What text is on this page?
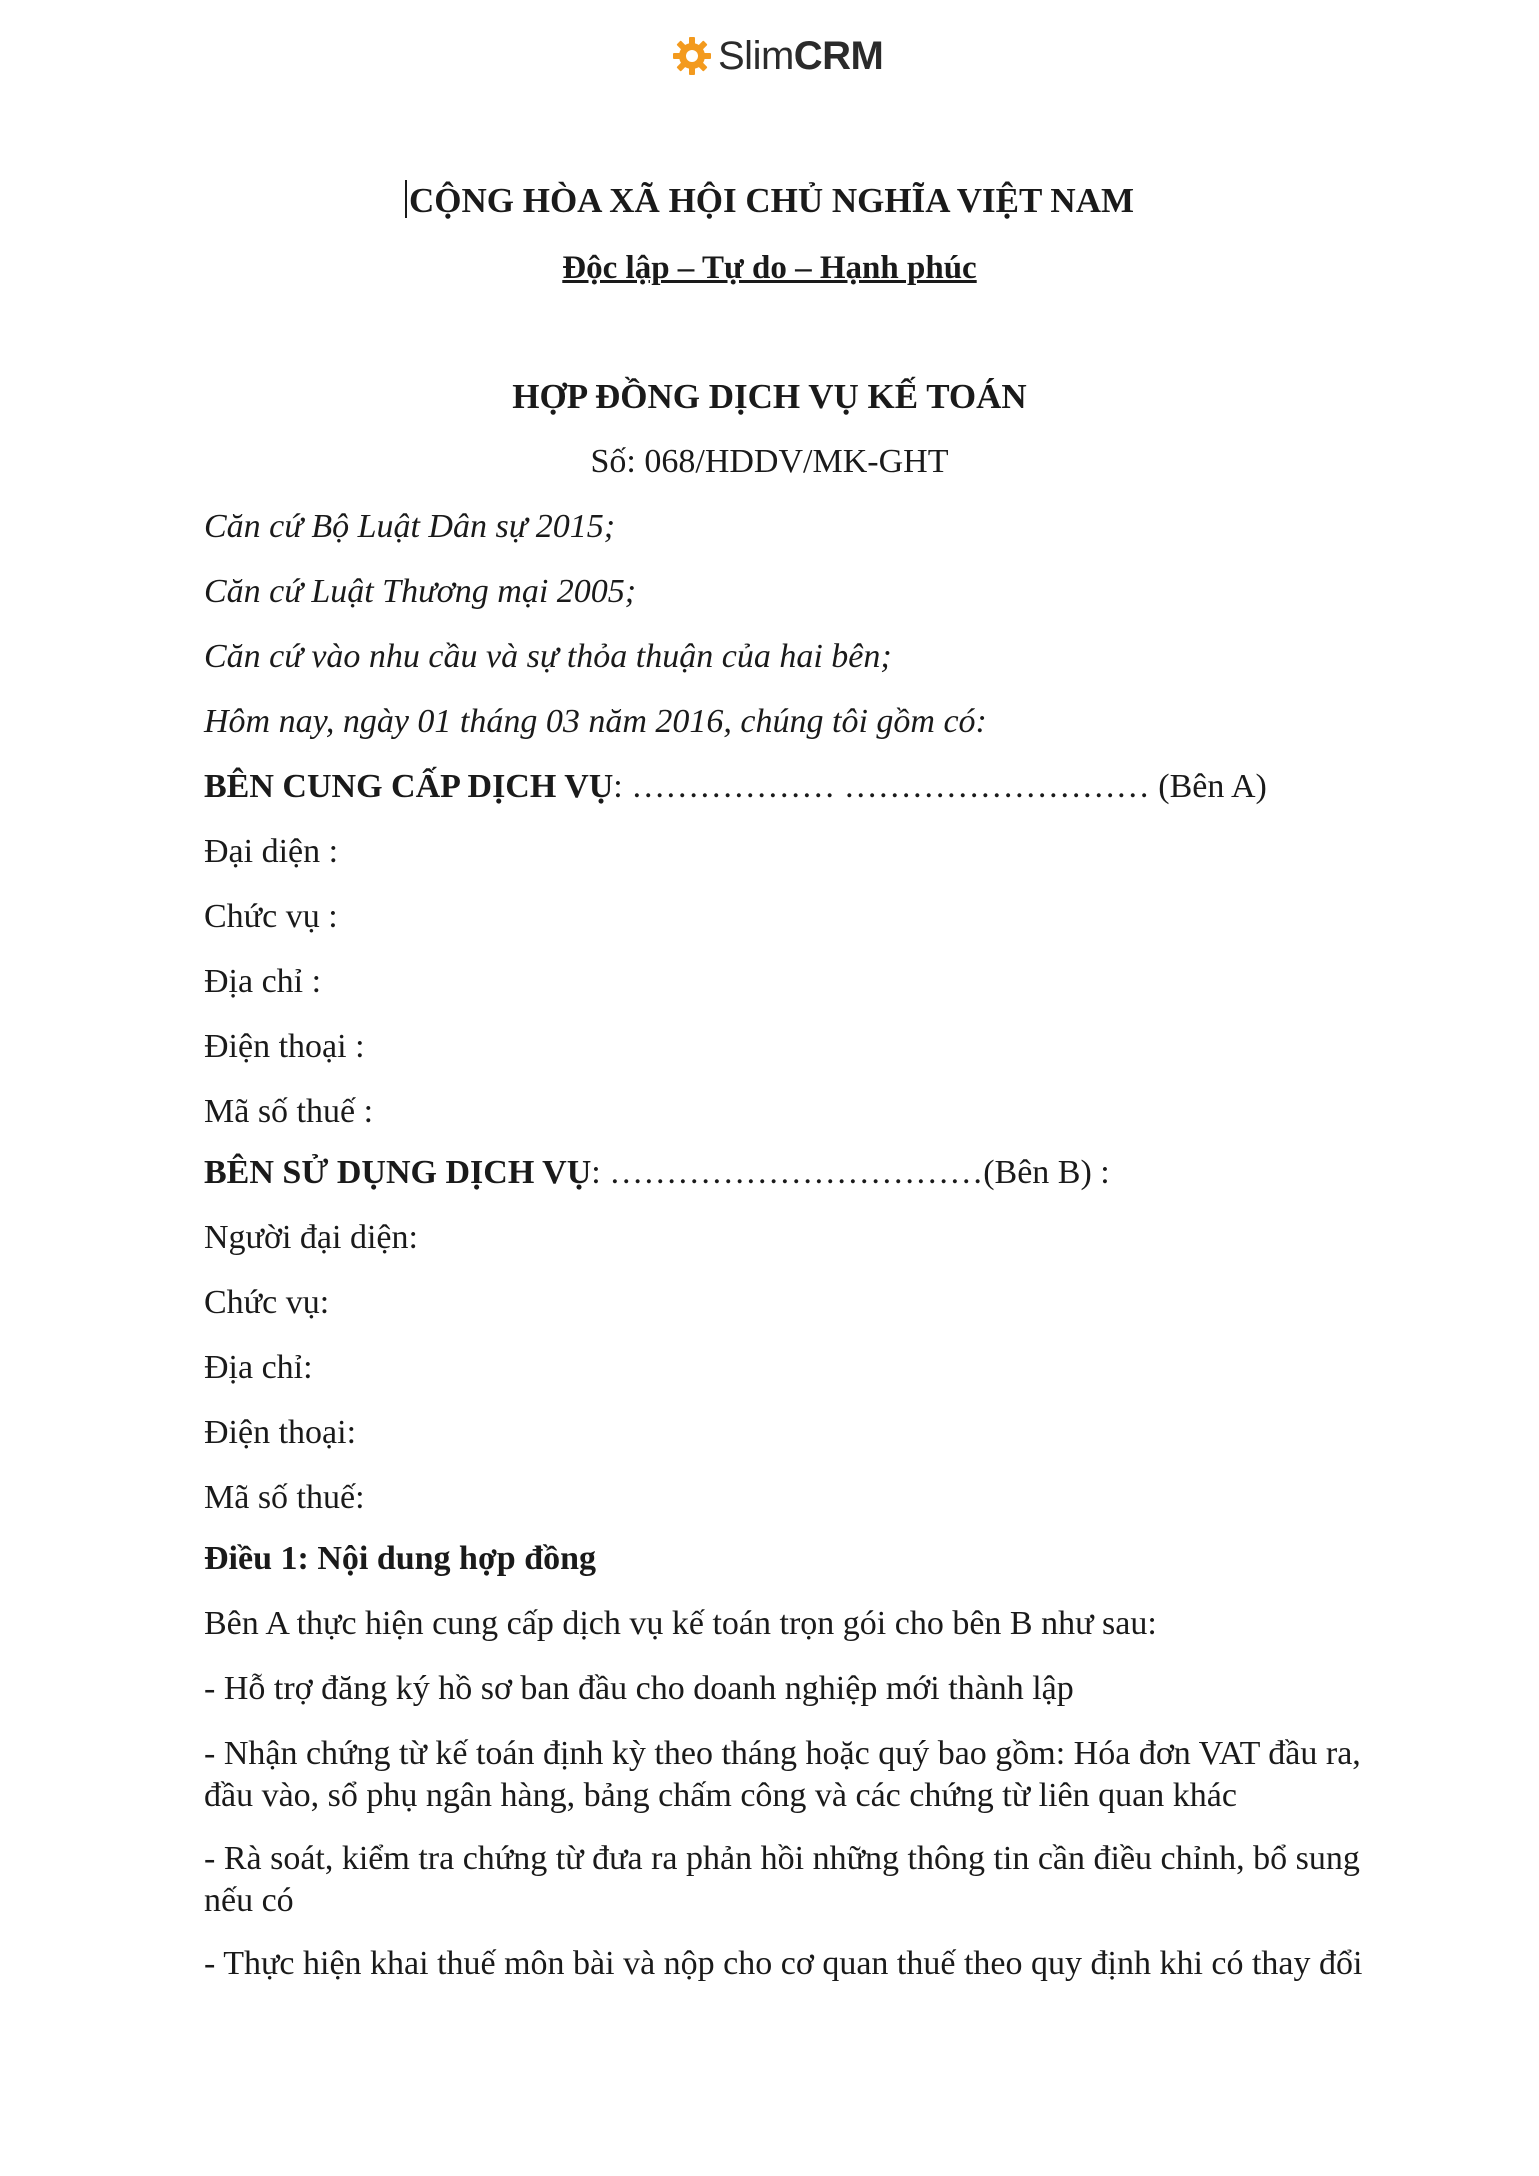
Slim CRM
CỘNG HÒA XÃ HỘI CHỦ NGHĨA VIỆT NAM
Độc lập – Tự do – Hạnh phúc
HỢP ĐỒNG DỊCH VỤ KẾ TOÁN
Số: 068/HDDV/MK-GHT
Căn cứ Bộ Luật Dân sự 2015;
Căn cứ Luật Thương mại 2005;
Căn cứ vào nhu cầu và sự thỏa thuận của hai bên;
Hôm nay, ngày 01 tháng 03 năm 2016, chúng tôi gồm có:
BÊN CUNG CẤP DỊCH VỤ: ……………… ……………………… (Bên A)
Đại diện :
Chức vụ :
Địa chỉ :
Điện thoại :
Mã số thuế :
BÊN SỬ DỤNG DỊCH VỤ: ……………………………(Bên B) :
Người đại diện:
Chức vụ:
Địa chỉ:
Điện thoại:
Mã số thuế:
Điều 1: Nội dung hợp đồng
Bên A thực hiện cung cấp dịch vụ kế toán trọn gói cho bên B như sau:
- Hỗ trợ đăng ký hồ sơ ban đầu cho doanh nghiệp mới thành lập
- Nhận chứng từ kế toán định kỳ theo tháng hoặc quý bao gồm: Hóa đơn VAT đầu ra, đầu vào, sổ phụ ngân hàng, bảng chấm công và các chứng từ liên quan khác
- Rà soát, kiểm tra chứng từ đưa ra phản hồi những thông tin cần điều chỉnh, bổ sung nếu có
- Thực hiện khai thuế môn bài và nộp cho cơ quan thuế theo quy định khi có thay đổi
